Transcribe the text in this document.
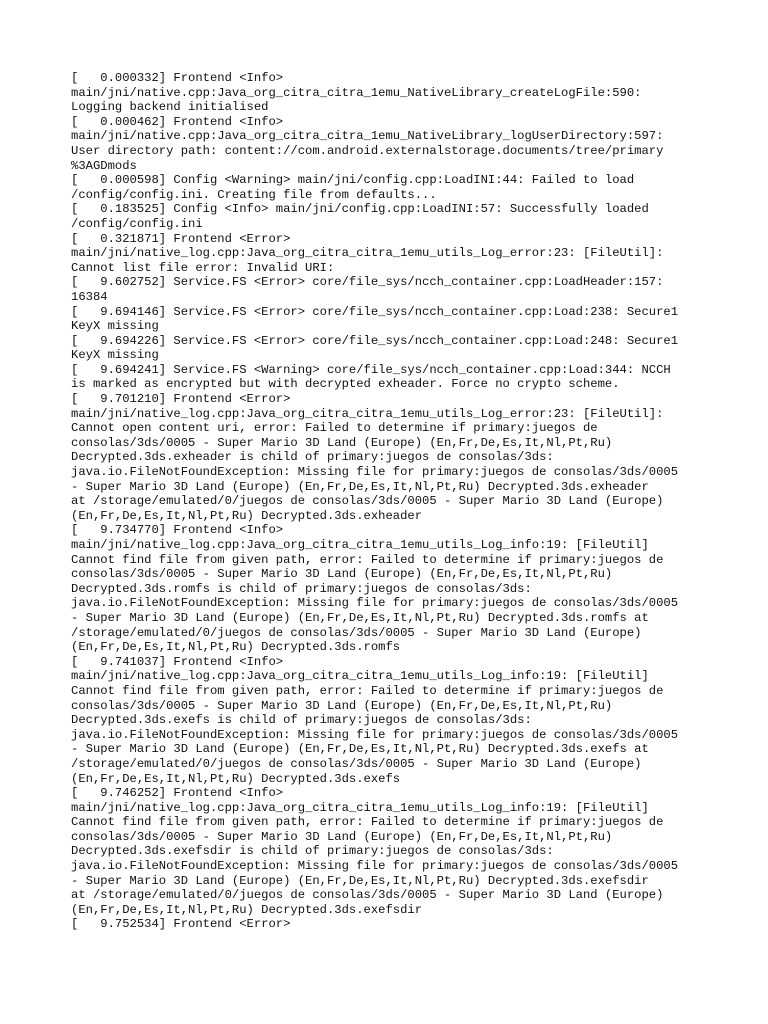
[   0.000332] Frontend <Info>
main/jni/native.cpp:Java_org_citra_citra_1emu_NativeLibrary_createLogFile:590:
Logging backend initialised
[   0.000462] Frontend <Info>
main/jni/native.cpp:Java_org_citra_citra_1emu_NativeLibrary_logUserDirectory:597:
User directory path: content://com.android.externalstorage.documents/tree/primary
%3AGDmods
[   0.000598] Config <Warning> main/jni/config.cpp:LoadINI:44: Failed to load
/config/config.ini. Creating file from defaults...
[   0.183525] Config <Info> main/jni/config.cpp:LoadINI:57: Successfully loaded
/config/config.ini
[   0.321871] Frontend <Error>
main/jni/native_log.cpp:Java_org_citra_citra_1emu_utils_Log_error:23: [FileUtil]:
Cannot list file error: Invalid URI:
[   9.602752] Service.FS <Error> core/file_sys/ncch_container.cpp:LoadHeader:157:
16384
[   9.694146] Service.FS <Error> core/file_sys/ncch_container.cpp:Load:238: Secure1
KeyX missing
[   9.694226] Service.FS <Error> core/file_sys/ncch_container.cpp:Load:248: Secure1
KeyX missing
[   9.694241] Service.FS <Warning> core/file_sys/ncch_container.cpp:Load:344: NCCH
is marked as encrypted but with decrypted exheader. Force no crypto scheme.
[   9.701210] Frontend <Error>
main/jni/native_log.cpp:Java_org_citra_citra_1emu_utils_Log_error:23: [FileUtil]:
Cannot open content uri, error: Failed to determine if primary:juegos de
consolas/3ds/0005 - Super Mario 3D Land (Europe) (En,Fr,De,Es,It,Nl,Pt,Ru)
Decrypted.3ds.exheader is child of primary:juegos de consolas/3ds:
java.io.FileNotFoundException: Missing file for primary:juegos de consolas/3ds/0005
- Super Mario 3D Land (Europe) (En,Fr,De,Es,It,Nl,Pt,Ru) Decrypted.3ds.exheader
at /storage/emulated/0/juegos de consolas/3ds/0005 - Super Mario 3D Land (Europe)
(En,Fr,De,Es,It,Nl,Pt,Ru) Decrypted.3ds.exheader
[   9.734770] Frontend <Info>
main/jni/native_log.cpp:Java_org_citra_citra_1emu_utils_Log_info:19: [FileUtil]
Cannot find file from given path, error: Failed to determine if primary:juegos de
consolas/3ds/0005 - Super Mario 3D Land (Europe) (En,Fr,De,Es,It,Nl,Pt,Ru)
Decrypted.3ds.romfs is child of primary:juegos de consolas/3ds:
java.io.FileNotFoundException: Missing file for primary:juegos de consolas/3ds/0005
- Super Mario 3D Land (Europe) (En,Fr,De,Es,It,Nl,Pt,Ru) Decrypted.3ds.romfs at
/storage/emulated/0/juegos de consolas/3ds/0005 - Super Mario 3D Land (Europe)
(En,Fr,De,Es,It,Nl,Pt,Ru) Decrypted.3ds.romfs
[   9.741037] Frontend <Info>
main/jni/native_log.cpp:Java_org_citra_citra_1emu_utils_Log_info:19: [FileUtil]
Cannot find file from given path, error: Failed to determine if primary:juegos de
consolas/3ds/0005 - Super Mario 3D Land (Europe) (En,Fr,De,Es,It,Nl,Pt,Ru)
Decrypted.3ds.exefs is child of primary:juegos de consolas/3ds:
java.io.FileNotFoundException: Missing file for primary:juegos de consolas/3ds/0005
- Super Mario 3D Land (Europe) (En,Fr,De,Es,It,Nl,Pt,Ru) Decrypted.3ds.exefs at
/storage/emulated/0/juegos de consolas/3ds/0005 - Super Mario 3D Land (Europe)
(En,Fr,De,Es,It,Nl,Pt,Ru) Decrypted.3ds.exefs
[   9.746252] Frontend <Info>
main/jni/native_log.cpp:Java_org_citra_citra_1emu_utils_Log_info:19: [FileUtil]
Cannot find file from given path, error: Failed to determine if primary:juegos de
consolas/3ds/0005 - Super Mario 3D Land (Europe) (En,Fr,De,Es,It,Nl,Pt,Ru)
Decrypted.3ds.exefsdir is child of primary:juegos de consolas/3ds:
java.io.FileNotFoundException: Missing file for primary:juegos de consolas/3ds/0005
- Super Mario 3D Land (Europe) (En,Fr,De,Es,It,Nl,Pt,Ru) Decrypted.3ds.exefsdir
at /storage/emulated/0/juegos de consolas/3ds/0005 - Super Mario 3D Land (Europe)
(En,Fr,De,Es,It,Nl,Pt,Ru) Decrypted.3ds.exefsdir
[   9.752534] Frontend <Error>
